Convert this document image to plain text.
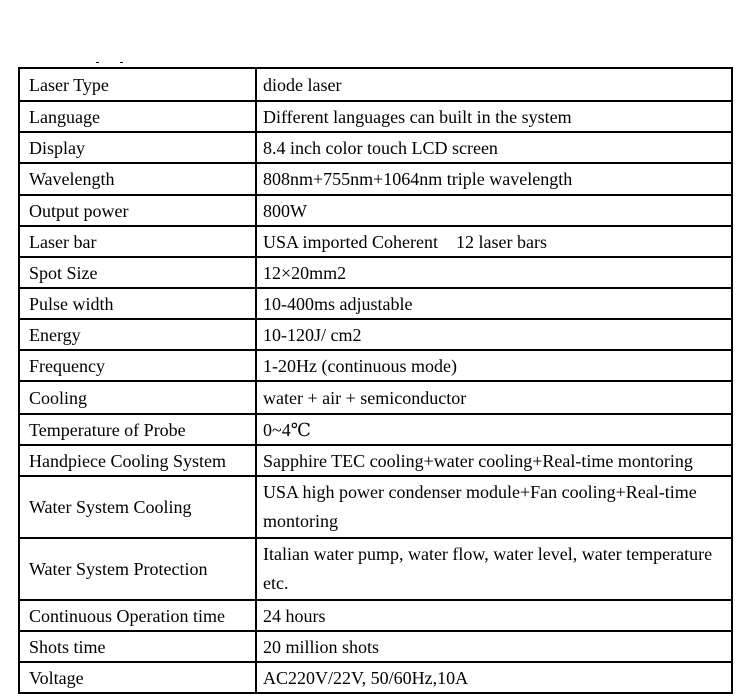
Laser Type	diode laser
Language	Different languages can built in the system
Display	8.4 inch color touch LCD screen
Wavelength	808nm+755nm+1064nm triple wavelength
Output power	800W
Laser bar	USA imported Coherent    12 laser bars
Spot Size	12×20mm2
Pulse width	10-400ms adjustable
Energy	10-120J/ cm2
Frequency	1-20Hz (continuous mode)
Cooling	water + air + semiconductor
Temperature of Probe	0~4℃
Handpiece Cooling System	Sapphire TEC cooling+water cooling+Real-time montoring
Water System Cooling	USA high power condenser module+Fan cooling+Real-time montoring
Water System Protection	Italian water pump, water flow, water level, water temperature etc.
Continuous Operation time	24 hours
Shots time	20 million shots
Voltage	AC220V/22V, 50/60Hz,10A
